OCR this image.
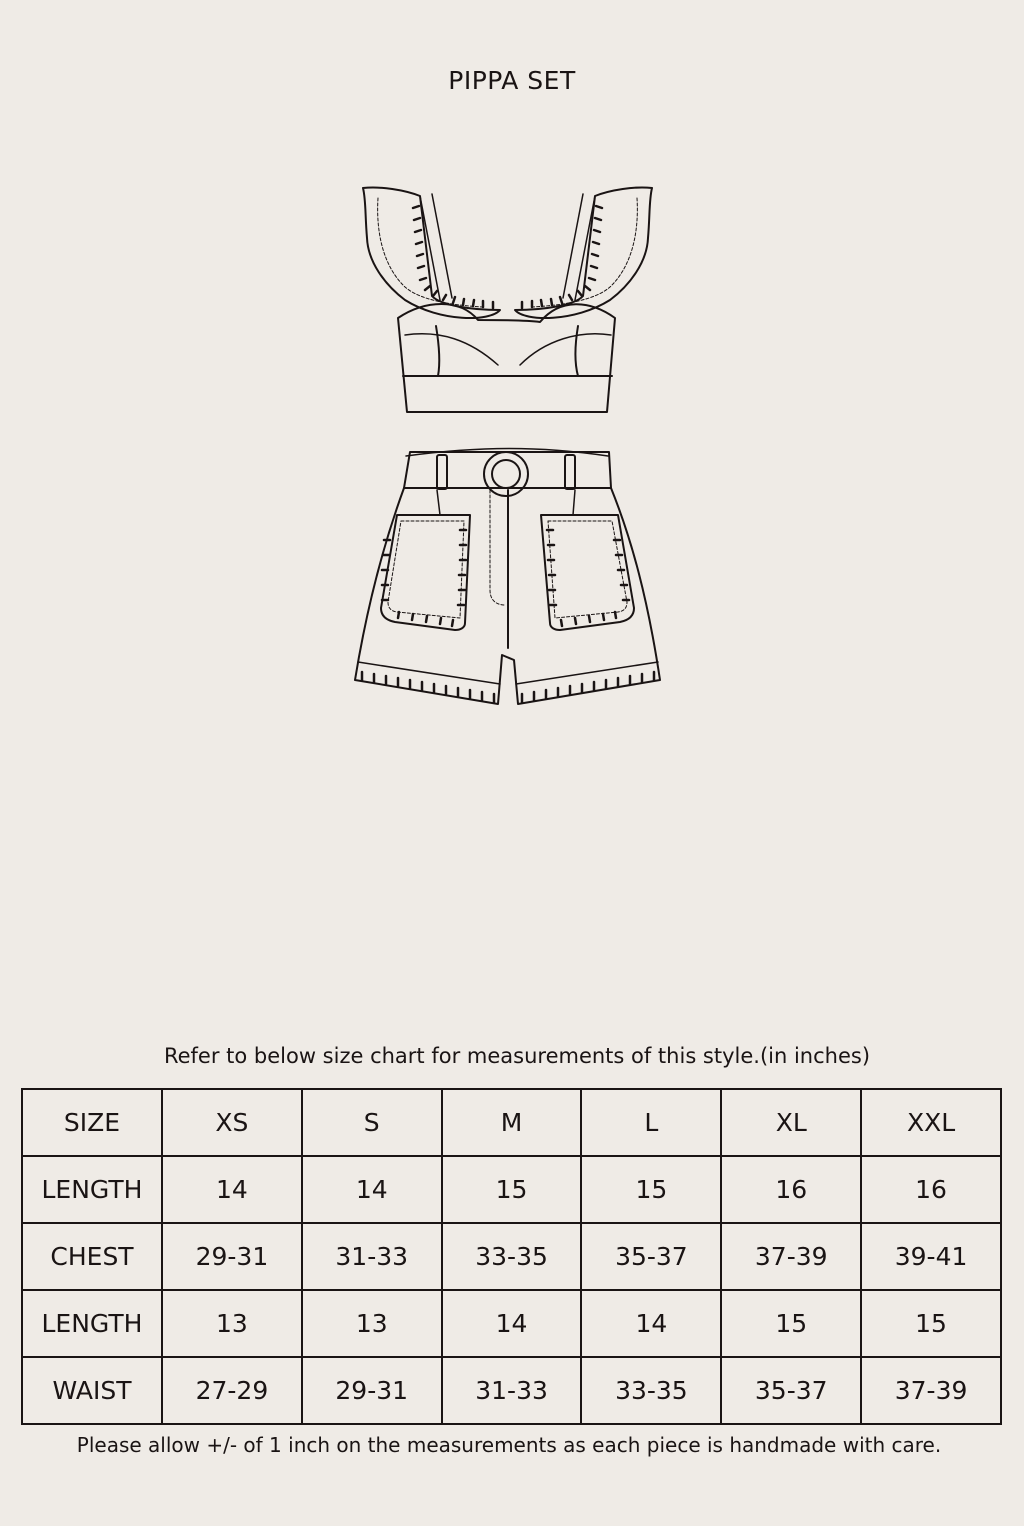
PIPPA SET
Refer to below size chart for measurements of this style.(in inches)
SIZE	XS	S	M	L	XL	XXL
LENGTH	14	14	15	15	16	16
CHEST	29-31	31-33	33-35	35-37	37-39	39-41
LENGTH	13	13	14	14	15	15
WAIST	27-29	29-31	31-33	33-35	35-37	37-39
Please allow +/- of 1 inch on the measurements as each piece is handmade with care.
